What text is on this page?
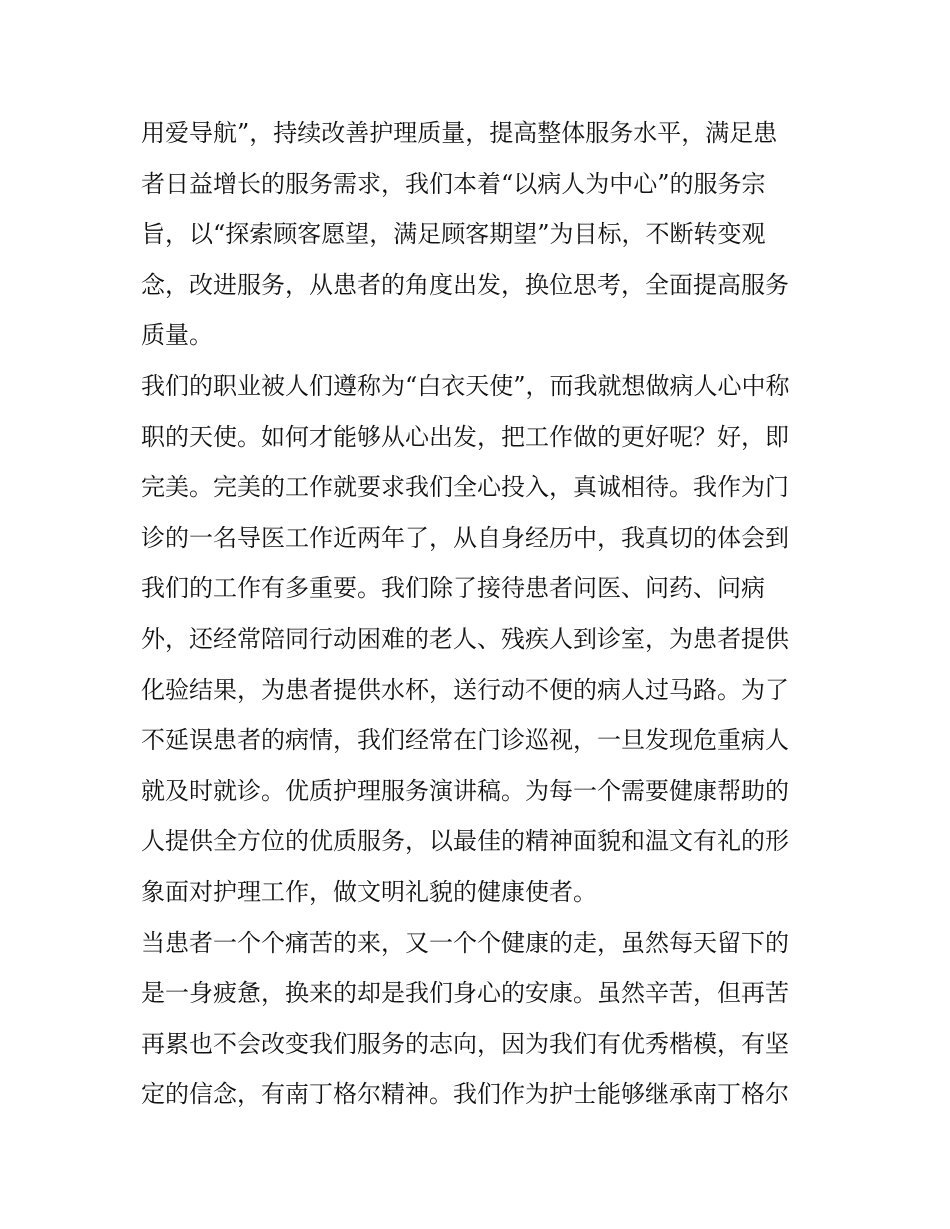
用爱导航”，持续改善护理质量，提高整体服务水平，满足患
者日益增长的服务需求，我们本着“以病人为中心”的服务宗
旨，以“探索顾客愿望，满足顾客期望”为目标，不断转变观
念，改进服务，从患者的角度出发，换位思考，全面提高服务
质量。
我们的职业被人们遵称为“白衣天使”，而我就想做病人心中称
职的天使。如何才能够从心出发，把工作做的更好呢？好，即
完美。完美的工作就要求我们全心投入，真诚相待。我作为门
诊的一名导医工作近两年了，从自身经历中，我真切的体会到
我们的工作有多重要。我们除了接待患者问医、问药、问病
外，还经常陪同行动困难的老人、残疾人到诊室，为患者提供
化验结果，为患者提供水杯，送行动不便的病人过马路。为了
不延误患者的病情，我们经常在门诊巡视，一旦发现危重病人
就及时就诊。优质护理服务演讲稿。为每一个需要健康帮助的
人提供全方位的优质服务，以最佳的精神面貌和温文有礼的形
象面对护理工作，做文明礼貌的健康使者。
当患者一个个痛苦的来，又一个个健康的走，虽然每天留下的
是一身疲惫，换来的却是我们身心的安康。虽然辛苦，但再苦
再累也不会改变我们服务的志向，因为我们有优秀楷模，有坚
定的信念，有南丁格尔精神。我们作为护士能够继承南丁格尔
